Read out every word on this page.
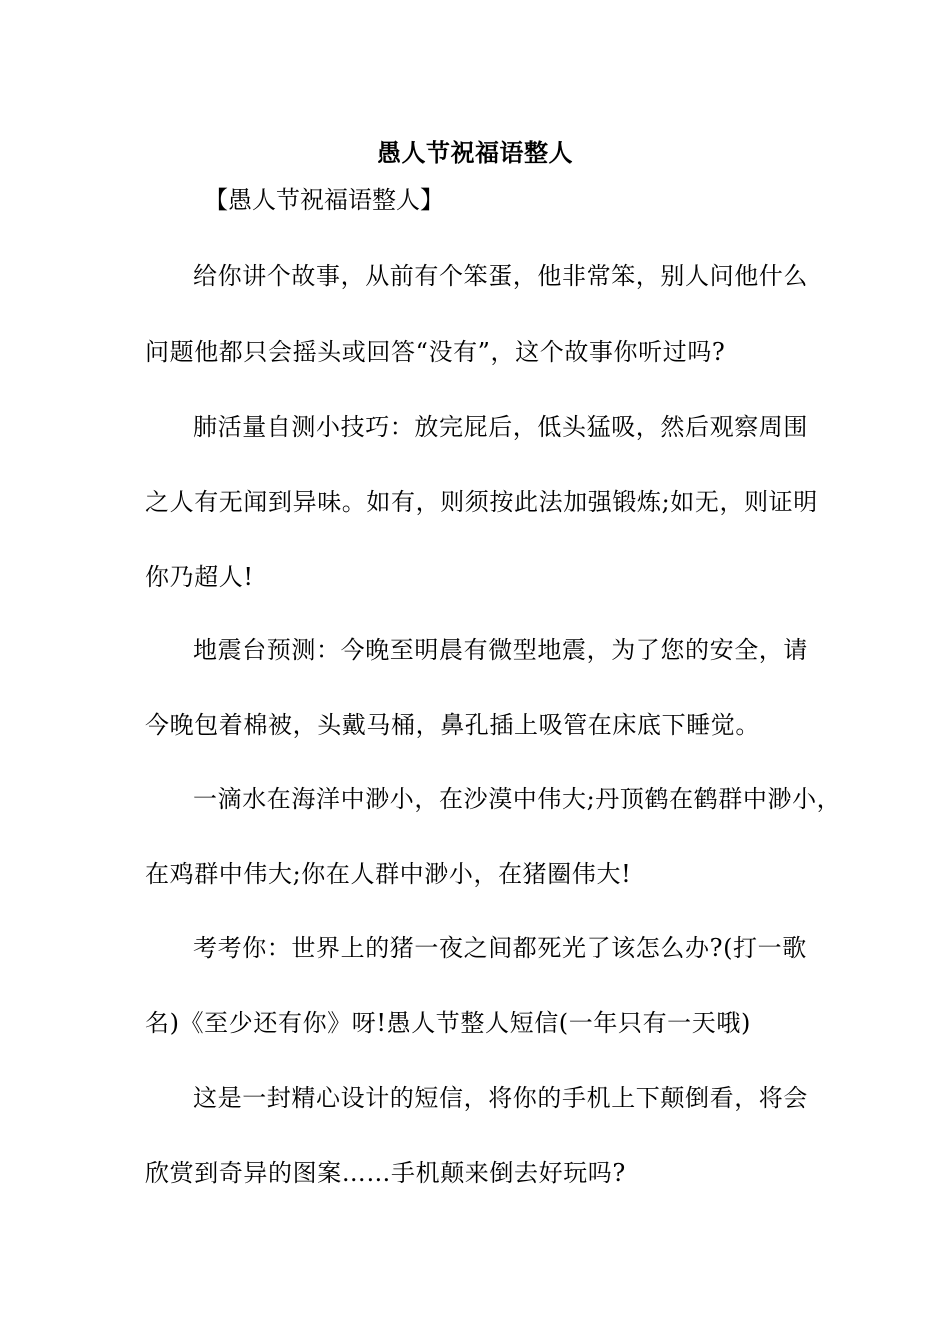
愚人节祝福语整人
【愚人节祝福语整人】
给你讲个故事，从前有个笨蛋，他非常笨，别人问他什么
问题他都只会摇头或回答“没有”，这个故事你听过吗?
肺活量自测小技巧：放完屁后，低头猛吸，然后观察周围
之人有无闻到异味。如有，则须按此法加强锻炼;如无，则证明
你乃超人!
地震台预测：今晚至明晨有微型地震，为了您的安全，请
今晚包着棉被，头戴马桶，鼻孔插上吸管在床底下睡觉。
一滴水在海洋中渺小，在沙漠中伟大;丹顶鹤在鹤群中渺小，
在鸡群中伟大;你在人群中渺小，在猪圈伟大!
考考你：世界上的猪一夜之间都死光了该怎么办?(打一歌
名)《至少还有你》呀!愚人节整人短信(一年只有一天哦)
这是一封精心设计的短信，将你的手机上下颠倒看，将会
欣赏到奇异的图案……手机颠来倒去好玩吗?
